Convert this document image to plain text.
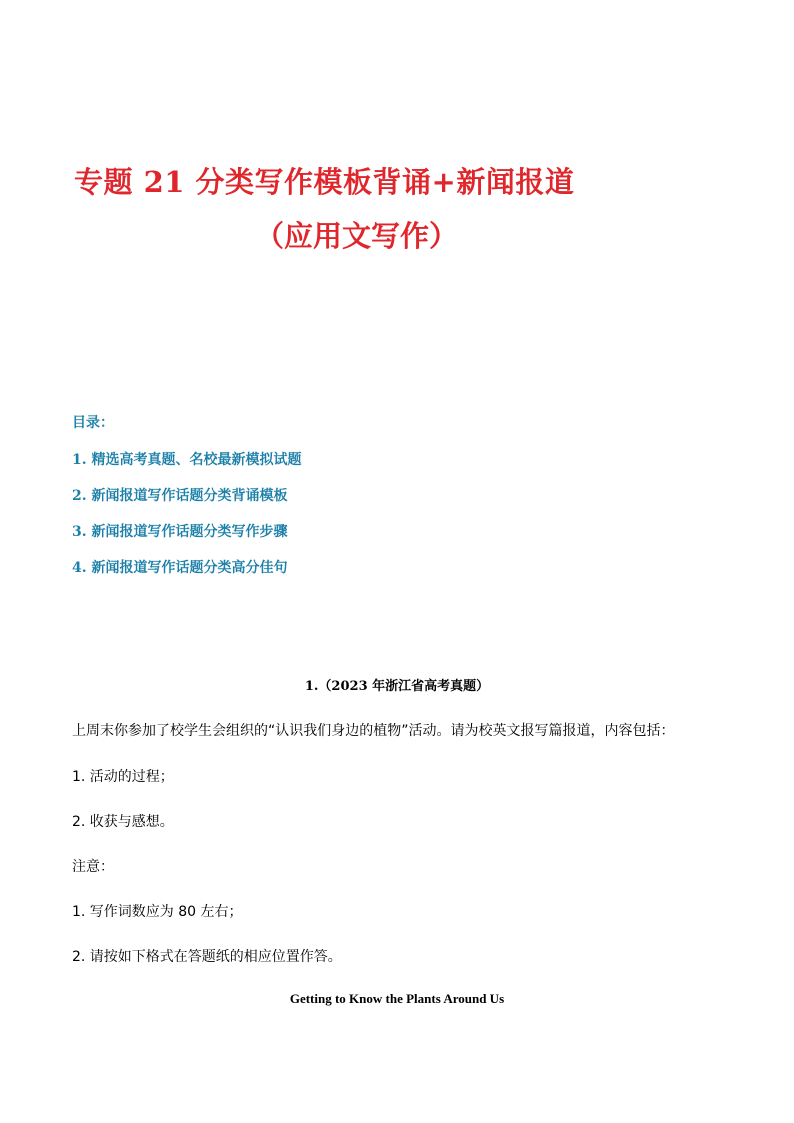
专题 21 分类写作模板背诵+新闻报道
（应用文写作）
目录：
1. 精选高考真题、名校最新模拟试题
2. 新闻报道写作话题分类背诵模板
3. 新闻报道写作话题分类写作步骤
4. 新闻报道写作话题分类高分佳句
1.（2023 年浙江省高考真题）
上周末你参加了校学生会组织的“认识我们身边的植物”活动。请为校英文报写篇报道，内容包括：
1. 活动的过程；
2. 收获与感想。
注意：
1. 写作词数应为 80 左右；
2. 请按如下格式在答题纸的相应位置作答。
Getting to Know the Plants Around Us
